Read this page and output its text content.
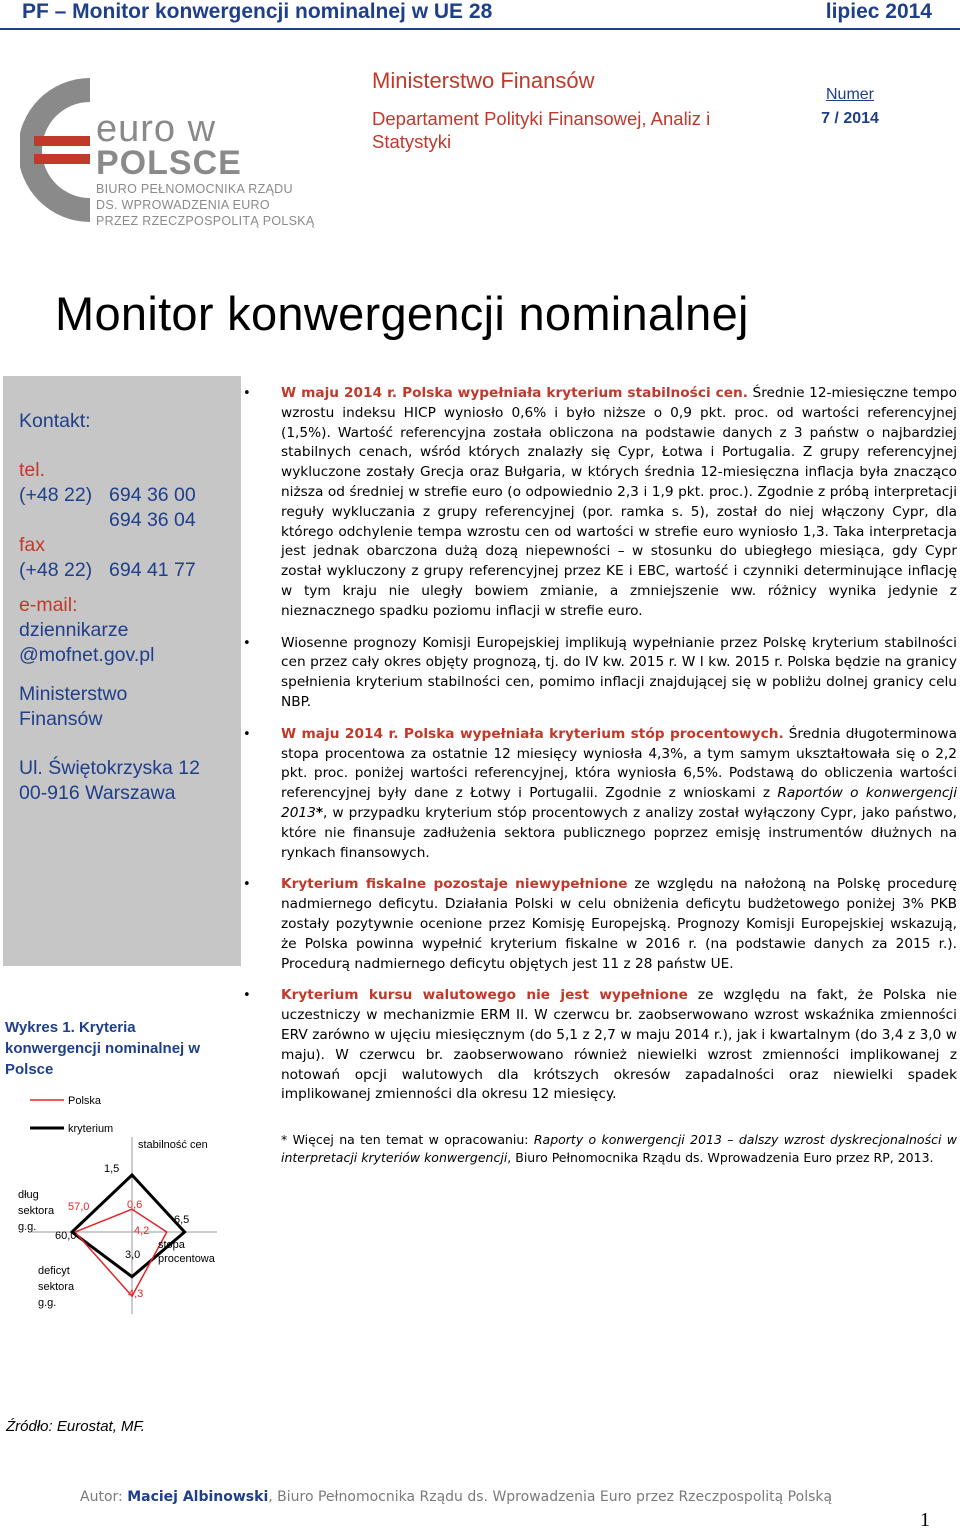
PF – Monitor konwergencji nominalnej w UE 28	lipiec 2014
euro w
POLSCE
BIURO PEŁNOMOCNIKA RZĄDU
DS. WPROWADZENIA EURO
PRZEZ RZECZPOSPOLITĄ POLSKĄ
Ministerstwo Finansów
Departament Polityki Finansowej, Analiz i Statystyki
Numer
7 / 2014
Monitor konwergencji nominalnej
Kontakt:
tel.
(+48 22) 694 36 00
694 36 04
fax
(+48 22) 694 41 77
e-mail:
dziennikarze
@mofnet.gov.pl
Ministerstwo
Finansów
Ul. Świętokrzyska 12
00-916 Warszawa
Wykres 1. Kryteria konwergencji nominalnej w Polsce
Polska
kryterium
stabilność cen
stopa
procentowa
deficyt
sektora
g.g.
dług
sektora
g.g.
1,5
0,6
6,5
4,2
3,0
4,3
57,0
60,0
Źródło: Eurostat, MF.
• W maju 2014 r. Polska wypełniała kryterium stabilności cen. Średnie 12-miesięczne tempo wzrostu indeksu HICP wyniosło 0,6% i było niższe o 0,9 pkt. proc. od wartości referencyjnej (1,5%). Wartość referencyjna została obliczona na podstawie danych z 3 państw o najbardziej stabilnych cenach, wśród których znalazły się Cypr, Łotwa i Portugalia. Z grupy referencyjnej wykluczone zostały Grecja oraz Bułgaria, w których średnia 12-miesięczna inflacja była znacząco niższa od średniej w strefie euro (o odpowiednio 2,3 i 1,9 pkt. proc.). Zgodnie z próbą interpretacji reguły wykluczania z grupy referencyjnej (por. ramka s. 5), został do niej włączony Cypr, dla którego odchylenie tempa wzrostu cen od wartości w strefie euro wyniosło 1,3. Taka interpretacja jest jednak obarczona dużą dozą niepewności – w stosunku do ubiegłego miesiąca, gdy Cypr został wykluczony z grupy referencyjnej przez KE i EBC, wartość i czynniki determinujące inflację w tym kraju nie uległy bowiem zmianie, a zmniejszenie ww. różnicy wynika jedynie z nieznacznego spadku poziomu inflacji w strefie euro.
• Wiosenne prognozy Komisji Europejskiej implikują wypełnianie przez Polskę kryterium stabilności cen przez cały okres objęty prognozą, tj. do IV kw. 2015 r. W I kw. 2015 r. Polska będzie na granicy spełnienia kryterium stabilności cen, pomimo inflacji znajdującej się w pobliżu dolnej granicy celu NBP.
• W maju 2014 r. Polska wypełniała kryterium stóp procentowych. Średnia długoterminowa stopa procentowa za ostatnie 12 miesięcy wyniosła 4,3%, a tym samym ukształtowała się o 2,2 pkt. proc. poniżej wartości referencyjnej, która wyniosła 6,5%. Podstawą do obliczenia wartości referencyjnej były dane z Łotwy i Portugalii. Zgodnie z wnioskami z Raportów o konwergencji 2013*, w przypadku kryterium stóp procentowych z analizy został wyłączony Cypr, jako państwo, które nie finansuje zadłużenia sektora publicznego poprzez emisję instrumentów dłużnych na rynkach finansowych.
• Kryterium fiskalne pozostaje niewypełnione ze względu na nałożoną na Polskę procedurę nadmiernego deficytu. Działania Polski w celu obniżenia deficytu budżetowego poniżej 3% PKB zostały pozytywnie ocenione przez Komisję Europejską. Prognozy Komisji Europejskiej wskazują, że Polska powinna wypełnić kryterium fiskalne w 2016 r. (na podstawie danych za 2015 r.). Procedurą nadmiernego deficytu objętych jest 11 z 28 państw UE.
• Kryterium kursu walutowego nie jest wypełnione ze względu na fakt, że Polska nie uczestniczy w mechanizmie ERM II. W czerwcu br. zaobserwowano wzrost wskaźnika zmienności ERV zarówno w ujęciu miesięcznym (do 5,1 z 2,7 w maju 2014 r.), jak i kwartalnym (do 3,4 z 3,0 w maju). W czerwcu br. zaobserwowano również niewielki wzrost zmienności implikowanej z notowań opcji walutowych dla krótszych okresów zapadalności oraz niewielki spadek implikowanej zmienności dla okresu 12 miesięcy.
* Więcej na ten temat w opracowaniu: Raporty o konwergencji 2013 – dalszy wzrost dyskrecjonalności w interpretacji kryteriów konwergencji, Biuro Pełnomocnika Rządu ds. Wprowadzenia Euro przez RP, 2013.
Autor: Maciej Albinowski, Biuro Pełnomocnika Rządu ds. Wprowadzenia Euro przez Rzeczpospolitą Polską
1
